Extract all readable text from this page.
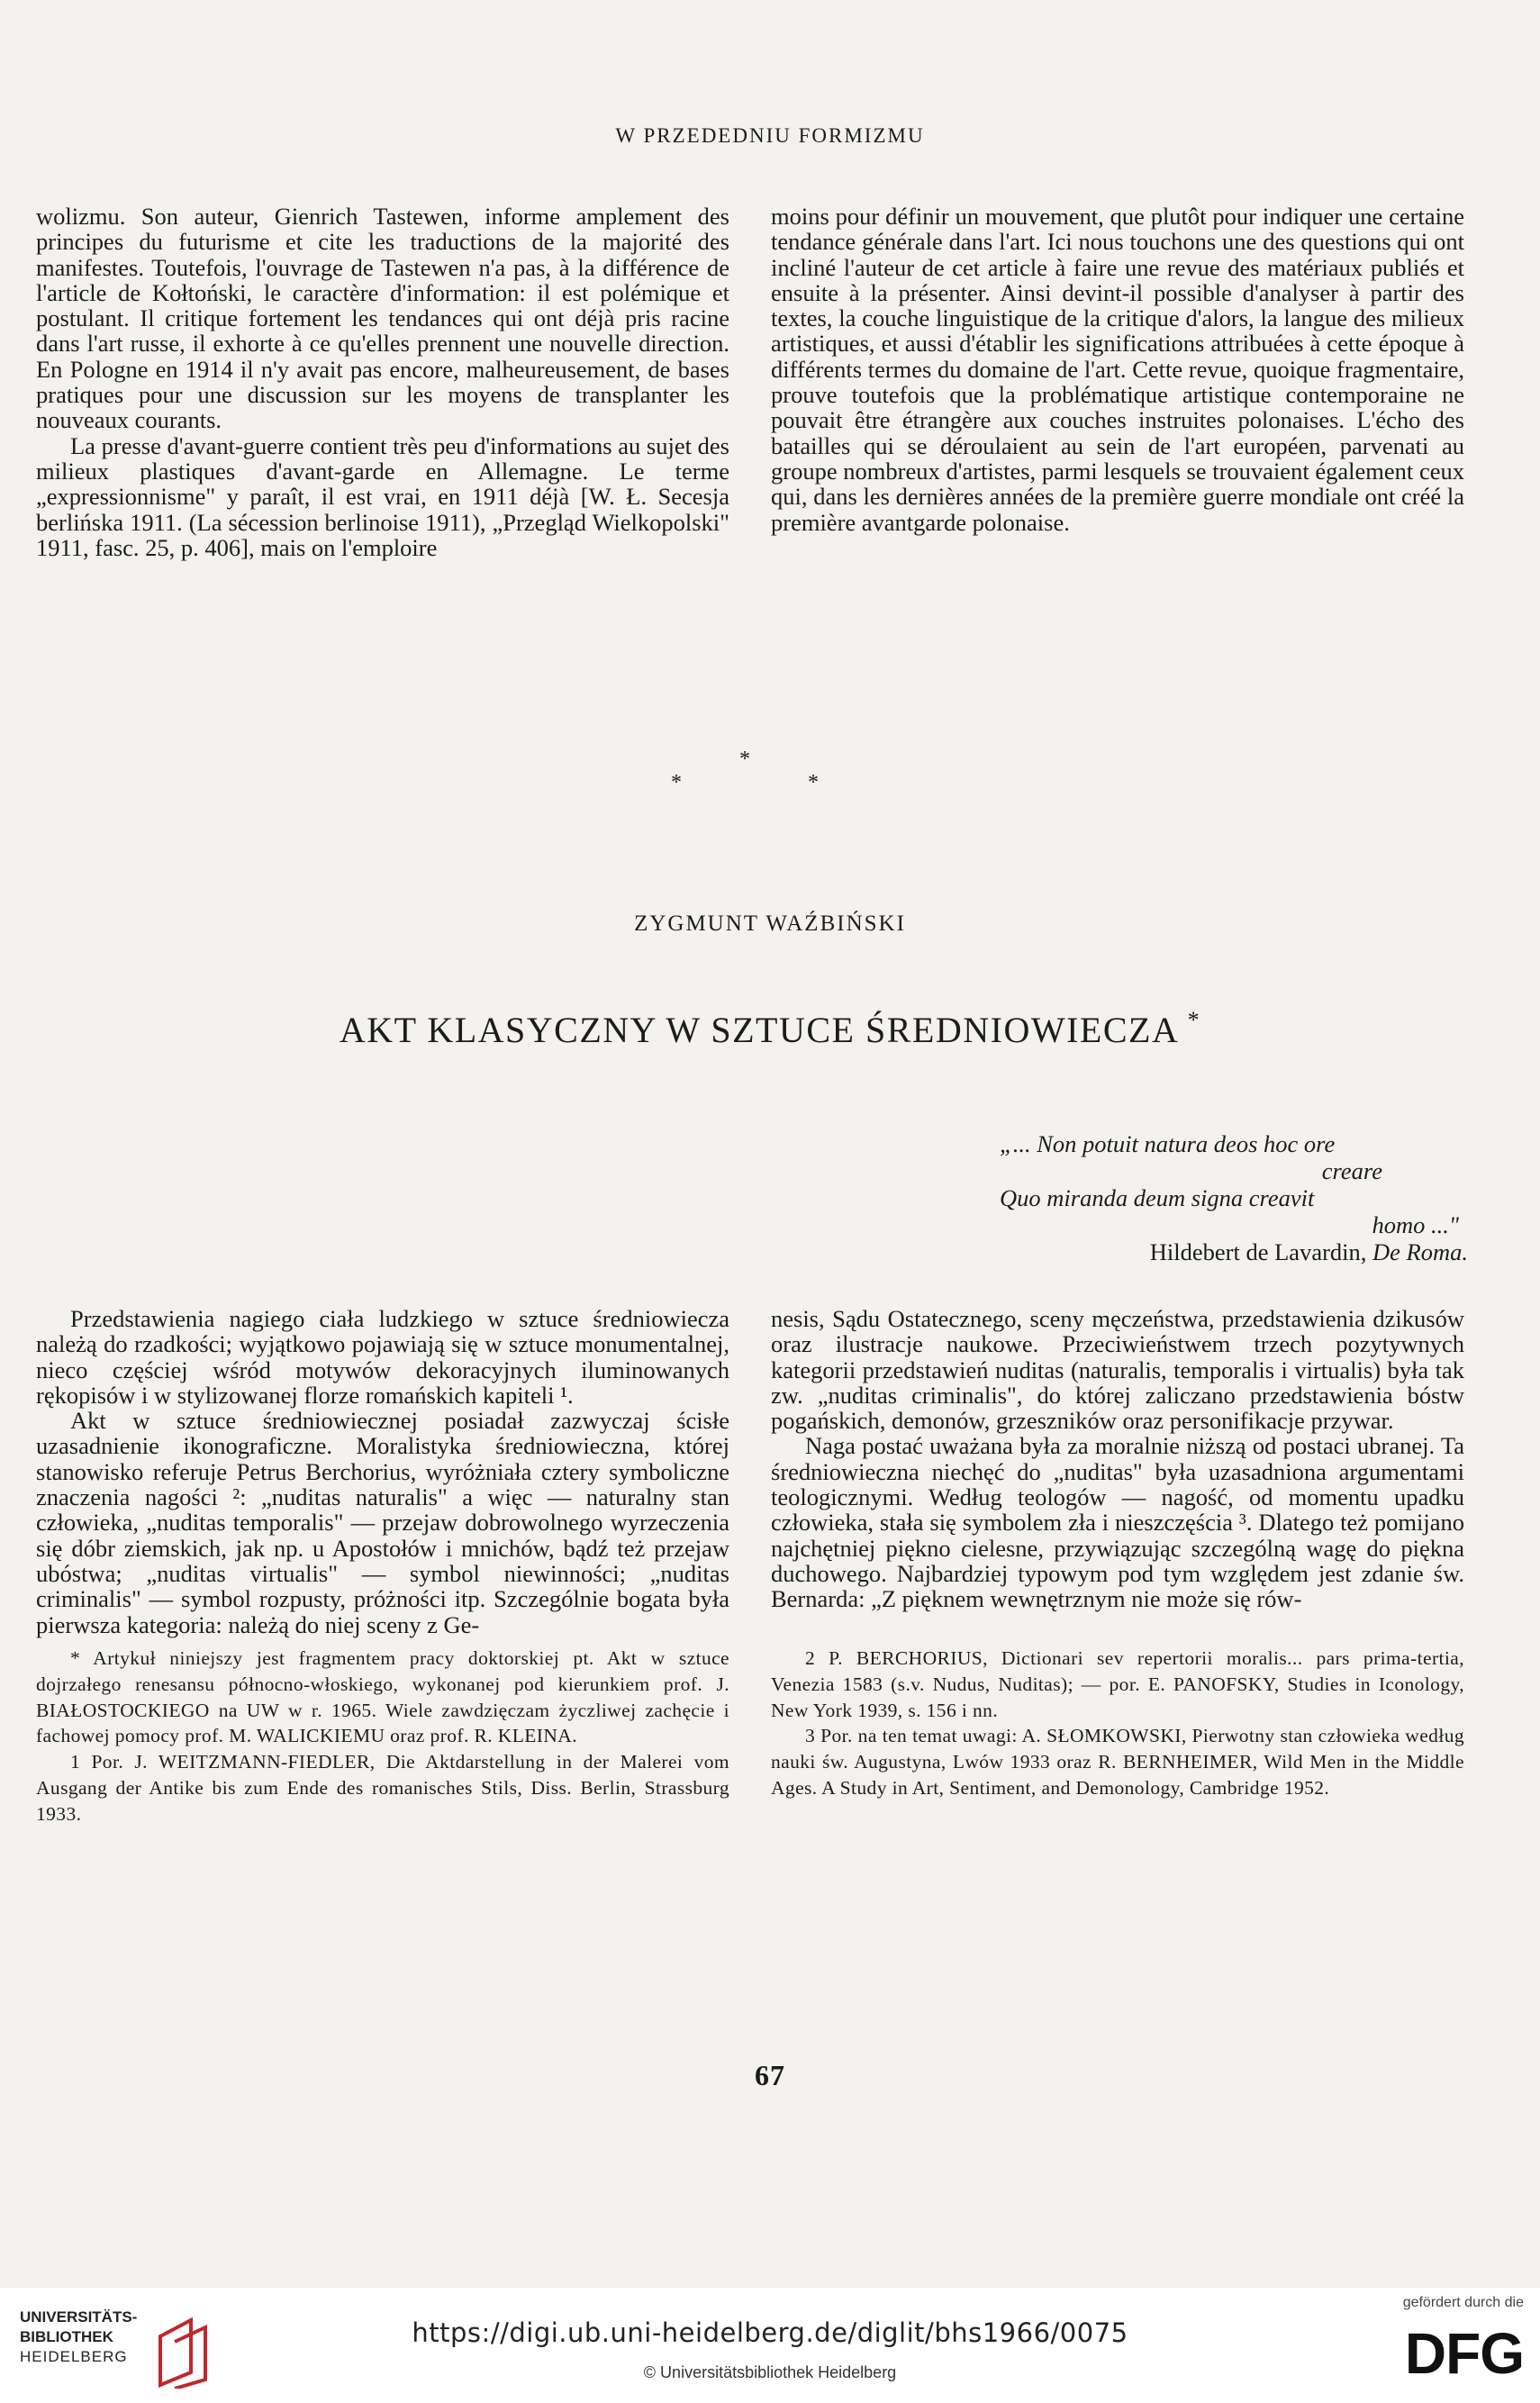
W PRZEDEDNIU FORMIZMU

wolizmu. Son auteur, Gienrich Tastewen, informe amplement des principes du futurisme et cite les traductions de la majorité des manifestes. Toutefois, l'ouvrage de Tastewen n'a pas, à la différence de l'article de Kołtoński, le caractère d'information: il est polémique et postulant. Il critique fortement les tendances qui ont déjà pris racine dans l'art russe, il exhorte à ce qu'elles prennent une nouvelle direction. En Pologne en 1914 il n'y avait pas encore, malheureusement, de bases pratiques pour une discussion sur les moyens de transplanter les nouveaux courants.

La presse d'avant-guerre contient très peu d'informations au sujet des milieux plastiques d'avant-garde en Allemagne. Le terme „expressionnisme" y paraît, il est vrai, en 1911 déjà [W. Ł. Secesja berlińska 1911. (La sécession berlinoise 1911), „Przegląd Wielkopolski" 1911, fasc. 25, p. 406], mais on l'emploire

moins pour définir un mouvement, que plutôt pour indiquer une certaine tendance générale dans l'art. Ici nous touchons une des questions qui ont incliné l'auteur de cet article à faire une revue des matériaux publiés et ensuite à la présenter. Ainsi devint-il possible d'analyser à partir des textes, la couche linguistique de la critique d'alors, la langue des milieux artistiques, et aussi d'établir les significations attribuées à cette époque à différents termes du domaine de l'art. Cette revue, quoique fragmentaire, prouve toutefois que la problématique artistique contemporaine ne pouvait être étrangère aux couches instruites polonaises. L'écho des batailles qui se déroulaient au sein de l'art européen, parvenati au groupe nombreux d'artistes, parmi lesquels se trouvaient également ceux qui, dans les dernières années de la première guerre mondiale ont créé la première avantgarde polonaise.

*
*	*
ZYGMUNT WAŹBIŃSKI
AKT KLASYCZNY W SZTUCE ŚREDNIOWIECZA *
„... Non potuit natura deos hoc ore
creare
Quo miranda deum signa creavit
homo ..."
Hildebert de Lavardin, De Roma.

Przedstawienia nagiego ciała ludzkiego w sztuce średniowiecza należą do rzadkości; wyjątkowo pojawiają się w sztuce monumentalnej, nieco częściej wśród motywów dekoracyjnych iluminowanych rękopisów i w stylizowanej florze romańskich kapiteli ¹.

Akt w sztuce średniowiecznej posiadał zazwyczaj ścisłe uzasadnienie ikonograficzne. Moralistyka średniowieczna, której stanowisko referuje Petrus Berchorius, wyróżniała cztery symboliczne znaczenia nagości ²: „nuditas naturalis" a więc — naturalny stan człowieka, „nuditas temporalis" — przejaw dobrowolnego wyrzeczenia się dóbr ziemskich, jak np. u Apostołów i mnichów, bądź też przejaw ubóstwa; „nuditas virtualis" — symbol niewinności; „nuditas criminalis" — symbol rozpusty, próżności itp. Szczególnie bogata była pierwsza kategoria: należą do niej sceny z Ge-

nesis, Sądu Ostatecznego, sceny męczeństwa, przedstawienia dzikusów oraz ilustracje naukowe. Przeciwieństwem trzech pozytywnych kategorii przedstawień nuditas (naturalis, temporalis i virtualis) była tak zw. „nuditas criminalis", do której zaliczano przedstawienia bóstw pogańskich, demonów, grzeszników oraz personifikacje przywar.

Naga postać uważana była za moralnie niższą od postaci ubranej. Ta średniowieczna niechęć do „nuditas" była uzasadniona argumentami teologicznymi. Według teologów — nagość, od momentu upadku człowieka, stała się symbolem zła i nieszczęścia ³. Dlatego też pomijano najchętniej piękno cielesne, przywiązując szczególną wagę do piękna duchowego. Najbardziej typowym pod tym względem jest zdanie św. Bernarda: „Z pięknem wewnętrznym nie może się rów-

* Artykuł niniejszy jest fragmentem pracy doktorskiej pt. Akt w sztuce dojrzałego renesansu północno-włoskiego, wykonanej pod kierunkiem prof. J. BIAŁOSTOCKIEGO na UW w r. 1965. Wiele zawdzięczam życzliwej zachęcie i fachowej pomocy prof. M. WALICKIEMU oraz prof. R. KLEINA.

1 Por. J. WEITZMANN-FIEDLER, Die Aktdarstellung in der Malerei vom Ausgang der Antike bis zum Ende des romanisches Stils, Diss. Berlin, Strassburg 1933.

2 P. BERCHORIUS, Dictionari sev repertorii moralis... pars prima-tertia, Venezia 1583 (s.v. Nudus, Nuditas); — por. E. PANOFSKY, Studies in Iconology, New York 1939, s. 156 i nn.

3 Por. na ten temat uwagi: A. SŁOMKOWSKI, Pierwotny stan człowieka według nauki św. Augustyna, Lwów 1933 oraz R. BERNHEIMER, Wild Men in the Middle Ages. A Study in Art, Sentiment, and Demonology, Cambridge 1952.

67
UNIVERSITÄTS-
BIBLIOTHEK
HEIDELBERG
https://digi.ub.uni-heidelberg.de/diglit/bhs1966/0075
© Universitätsbibliothek Heidelberg
gefördert durch die
DFG
